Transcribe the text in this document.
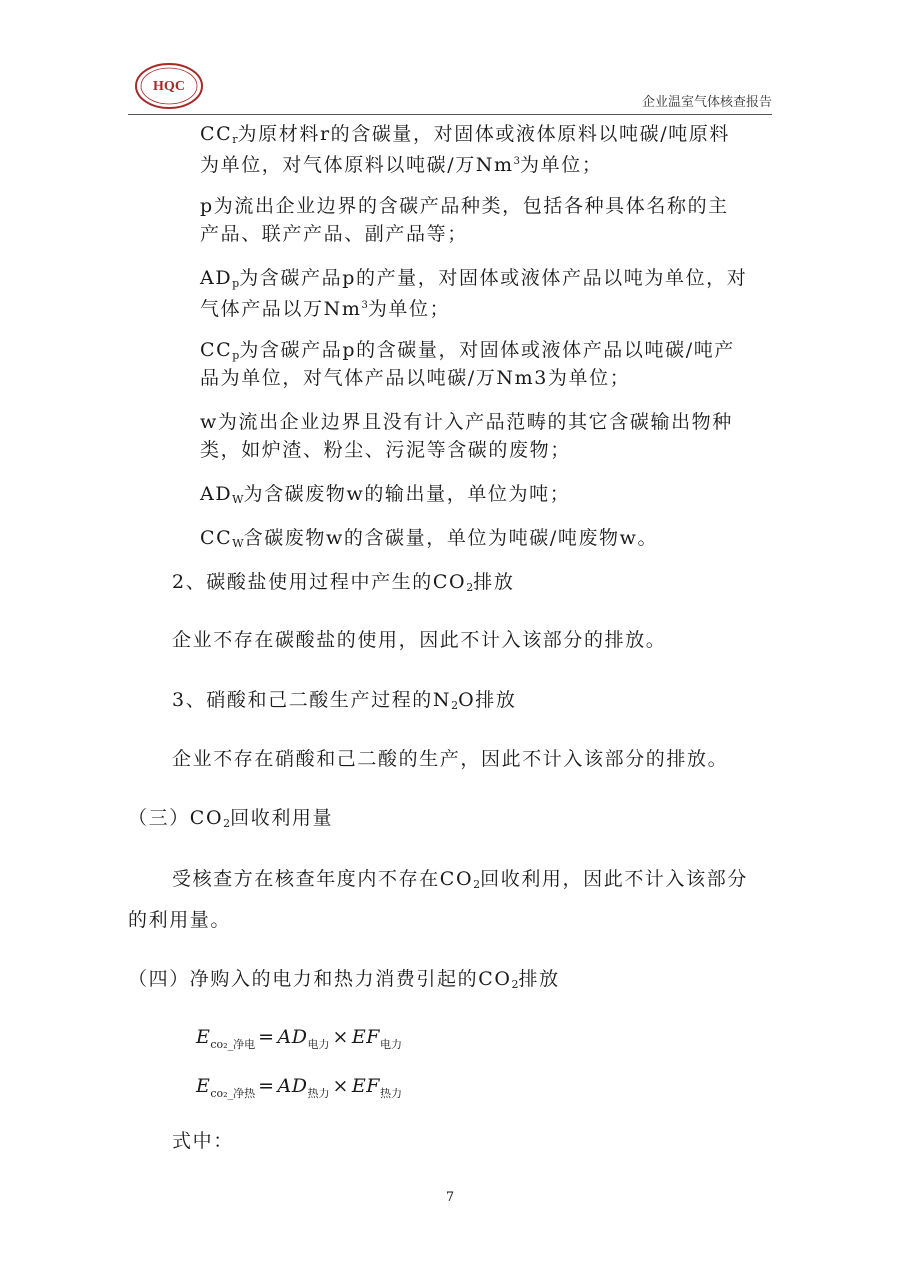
HQC
企业温室气体核查报告
$CC_r$为原材料r的含碳量，对固体或液体原料以吨碳/吨原料
为单位，对气体原料以吨碳/万Nm$^3$为单位；
p为流出企业边界的含碳产品种类，包括各种具体名称的主
产品、联产产品、副产品等；
$AD_p$为含碳产品p的产量，对固体或液体产品以吨为单位，对
气体产品以万Nm$^3$为单位；
$CC_p$为含碳产品p的含碳量，对固体或液体产品以吨碳/吨产
品为单位，对气体产品以吨碳/万Nm3为单位；
w为流出企业边界且没有计入产品范畴的其它含碳输出物种
类，如炉渣、粉尘、污泥等含碳的废物；
$AD_W$为含碳废物w的输出量，单位为吨；
$CC_W$含碳废物w的含碳量，单位为吨碳/吨废物w。
2、碳酸盐使用过程中产生的$CO_2$排放
企业不存在碳酸盐的使用，因此不计入该部分的排放。
3、硝酸和己二酸生产过程的$N_2O$排放
企业不存在硝酸和己二酸的生产，因此不计入该部分的排放。
（三）$CO_2$回收利用量
受核查方在核查年度内不存在$CO_2$回收利用，因此不计入该部分
的利用量。
（四）净购入的电力和热力消费引起的$CO_2$排放
$E_{co_2\_净电} = AD_{电力} \times EF_{电力}$
$E_{co_2\_净热} = AD_{热力} \times EF_{热力}$
式中：
7
